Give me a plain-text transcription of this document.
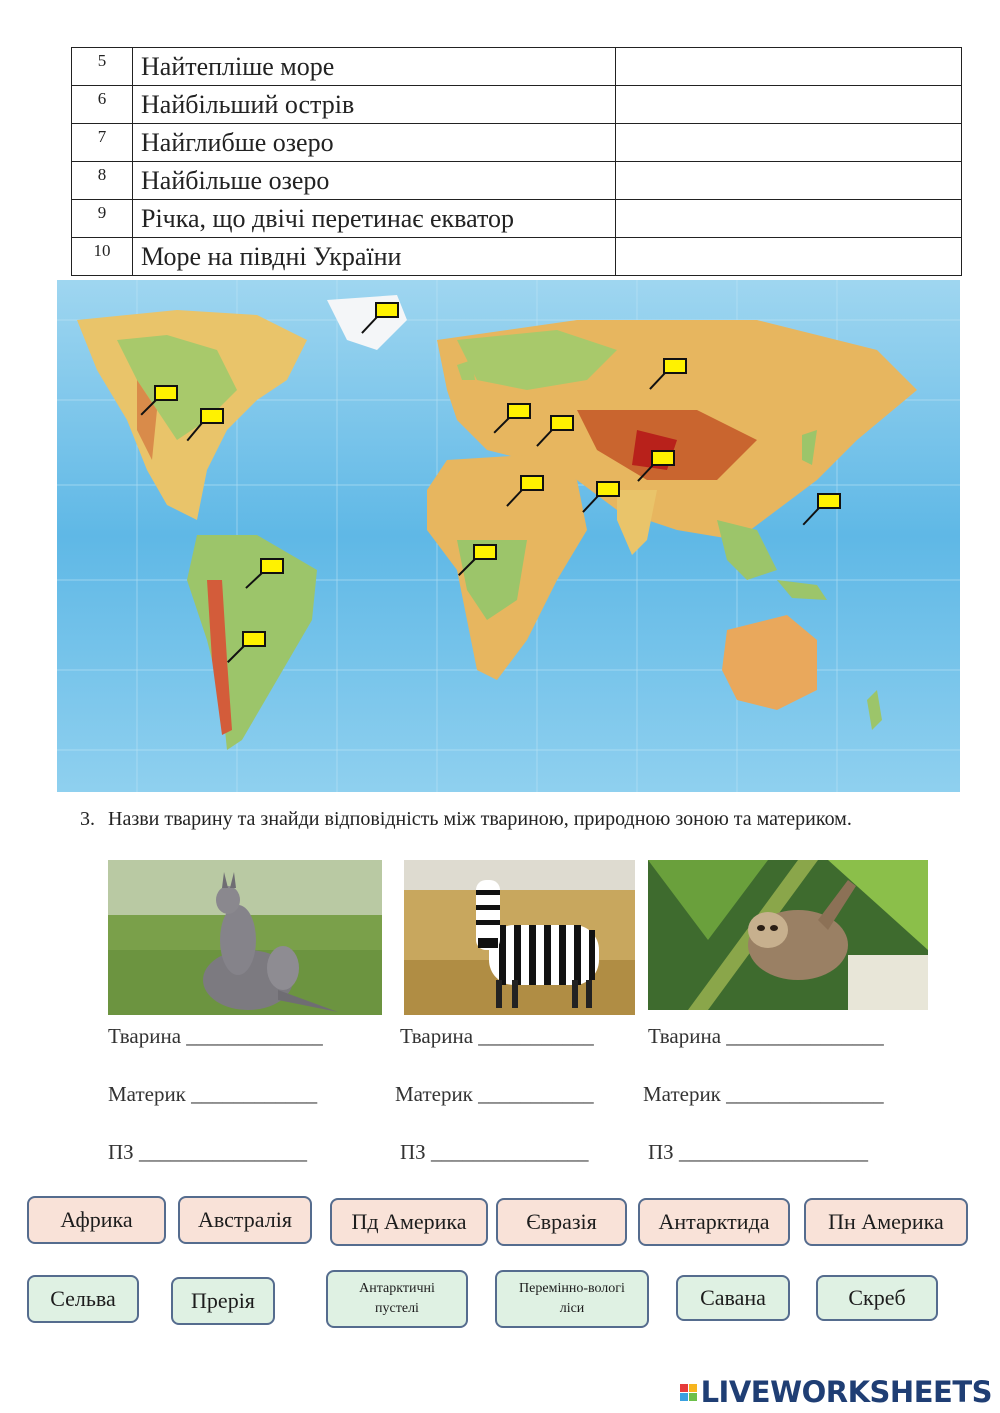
5	Найтепліше море	
6	Найбільший острів	
7	Найглибше озеро	
8	Найбільше озеро	
9	Річка, що двічі перетинає екватор	
10	Море на півдні України	
3. Назви тварину та знайди відповідність між твариною, природною зоною та материком.
Тварина _____________
Материк ____________
ПЗ ________________
Тварина ___________
Материк ___________
ПЗ _______________
Тварина _______________
Материк _______________
ПЗ __________________
Африка	Австралія	Пд Америка	Євразія	Антарктида	Пн Америка
Сельва	Прерія	Антарктичні пустелі
Перемінно-вологі ліси	Савана	Скреб
LIVEWORKSHEETS
